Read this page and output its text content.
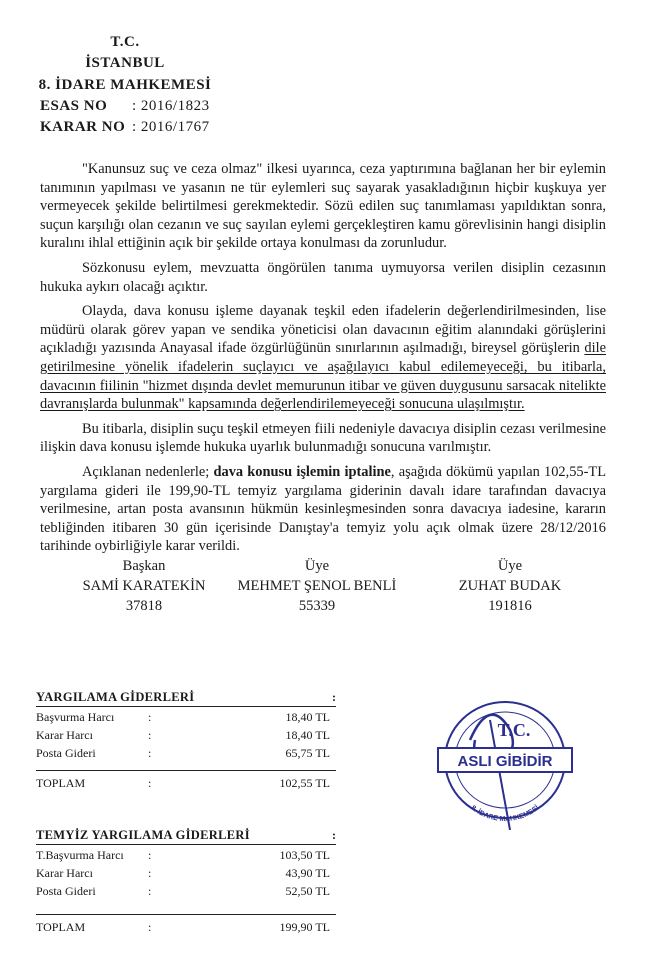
T.C.
İSTANBUL
8. İDARE MAHKEMESİ
ESAS NO : 2016/1823
KARAR NO : 2016/1767

"Kanunsuz suç ve ceza olmaz" ilkesi uyarınca, ceza yaptırımına bağlanan her bir eylemin tanımının yapılması ve yasanın ne tür eylemleri suç sayarak yasakladığının hiçbir kuşkuya yer vermeyecek şekilde belirtilmesi gerekmektedir. Sözü edilen suç tanımlaması yapıldıktan sonra, suçun karşılığı olan cezanın ve suç sayılan eylemi gerçekleştiren kamu görevlisinin hangi disiplin kuralını ihlal ettiğinin açık bir şekilde ortaya konulması da zorunludur.

Sözkonusu eylem, mevzuatta öngörülen tanıma uymuyorsa verilen disiplin cezasının hukuka aykırı olacağı açıktır.

Olayda, dava konusu işleme dayanak teşkil eden ifadelerin değerlendirilmesinden, lise müdürü olarak görev yapan ve sendika yöneticisi olan davacının eğitim alanındaki görüşlerini açıkladığı yazısında Anayasal ifade özgürlüğünün sınırlarının aşılmadığı, bireysel görüşlerin dile getirilmesine yönelik ifadelerin suçlayıcı ve aşağılayıcı kabul edilemeyeceği, bu itibarla, davacının fiilinin "hizmet dışında devlet memurunun itibar ve güven duygusunu sarsacak nitelikte davranışlarda bulunmak" kapsamında değerlendirilemeyeceği sonucuna ulaşılmıştır.

Bu itibarla, disiplin suçu teşkil etmeyen fiili nedeniyle davacıya disiplin cezası verilmesine ilişkin dava konusu işlemde hukuka uyarlık bulunmadığı sonucuna varılmıştır.

Açıklanan nedenlerle; dava konusu işlemin iptaline, aşağıda dökümü yapılan 102,55-TL yargılama gideri ile 199,90-TL temyiz yargılama giderinin davalı idare tarafından davacıya verilmesine, artan posta avansının hükmün kesinleşmesinden sonra davacıya iadesine, kararın tebliğinden itibaren 30 gün içerisinde Danıştay'a temyiz yolu açık olmak üzere 28/12/2016 tarihinde oybirliğiyle karar verildi.

Başkan
SAMİ KARATEKİN
37818
Üye
MEHMET ŞENOL BENLİ
55339
Üye
ZUHAT BUDAK
191816
YARGILAMA GİDERLERİ	:
Başvurma Harcı	:	18,40 TL
Karar Harcı	:	18,40 TL
Posta Gideri	:	65,75 TL
TOPLAM	:	102,55 TL
TEMYİZ YARGILAMA GİDERLERİ	:
T.Başvurma Harcı :	103,50 TL
Karar Harcı	:	43,90 TL
Posta Gideri	:	52,50 TL
TOPLAM	:	199,90 TL
T.C.
ASLI GİBİDİR
8. İDARE MAHKEMESİ
